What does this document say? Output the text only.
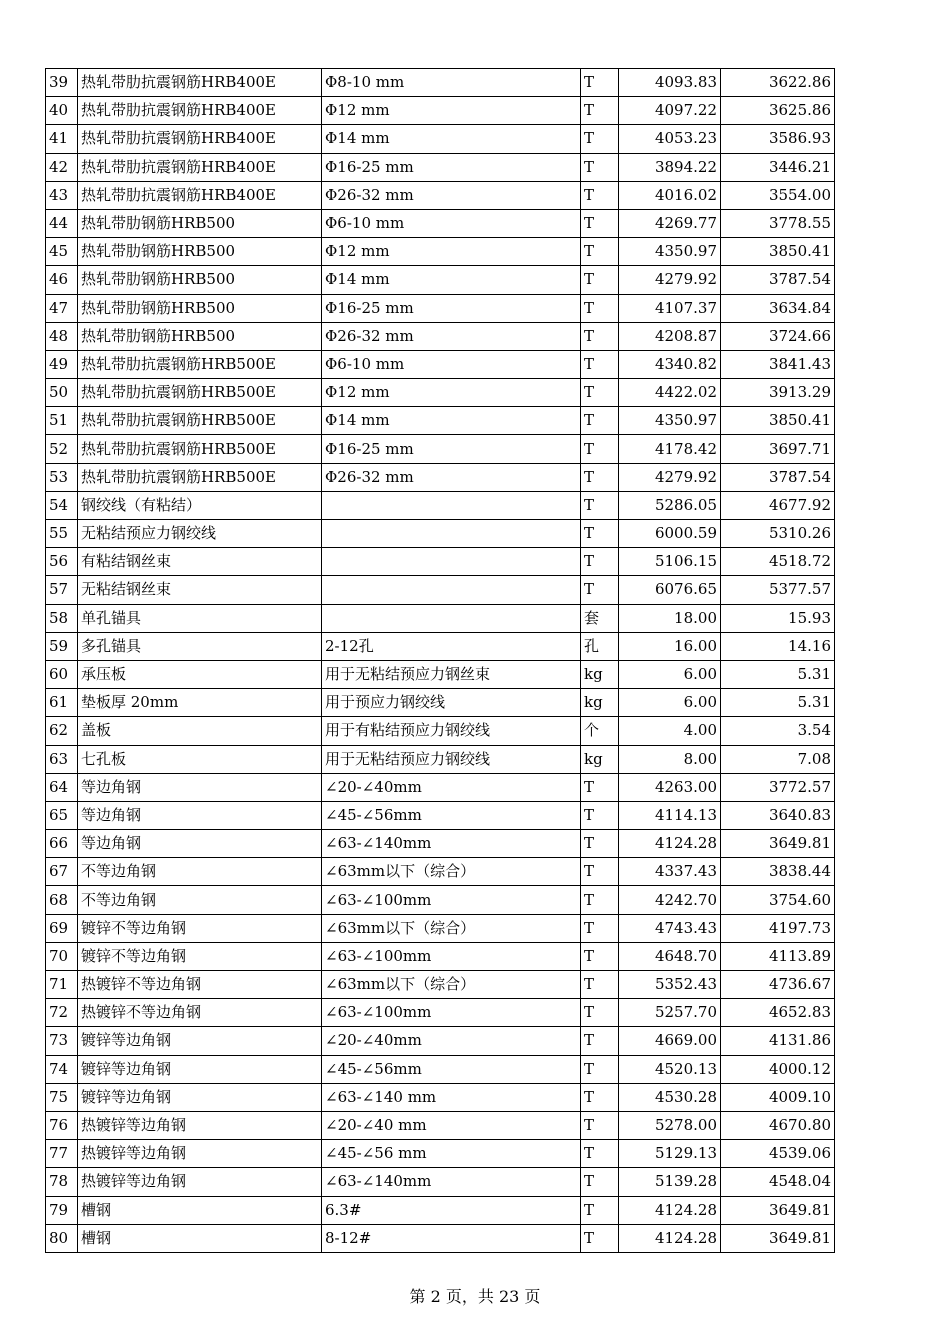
39	热轧带肋抗震钢筋HRB400E	Φ8-10 mm	T	4093.83	3622.86
40	热轧带肋抗震钢筋HRB400E	Φ12 mm	T	4097.22	3625.86
41	热轧带肋抗震钢筋HRB400E	Φ14 mm	T	4053.23	3586.93
42	热轧带肋抗震钢筋HRB400E	Φ16-25 mm	T	3894.22	3446.21
43	热轧带肋抗震钢筋HRB400E	Φ26-32 mm	T	4016.02	3554.00
44	热轧带肋钢筋HRB500	Φ6-10 mm	T	4269.77	3778.55
45	热轧带肋钢筋HRB500	Φ12 mm	T	4350.97	3850.41
46	热轧带肋钢筋HRB500	Φ14 mm	T	4279.92	3787.54
47	热轧带肋钢筋HRB500	Φ16-25 mm	T	4107.37	3634.84
48	热轧带肋钢筋HRB500	Φ26-32 mm	T	4208.87	3724.66
49	热轧带肋抗震钢筋HRB500E	Φ6-10 mm	T	4340.82	3841.43
50	热轧带肋抗震钢筋HRB500E	Φ12 mm	T	4422.02	3913.29
51	热轧带肋抗震钢筋HRB500E	Φ14 mm	T	4350.97	3850.41
52	热轧带肋抗震钢筋HRB500E	Φ16-25 mm	T	4178.42	3697.71
53	热轧带肋抗震钢筋HRB500E	Φ26-32 mm	T	4279.92	3787.54
54	钢绞线（有粘结）		T	5286.05	4677.92
55	无粘结预应力钢绞线		T	6000.59	5310.26
56	有粘结钢丝束		T	5106.15	4518.72
57	无粘结钢丝束		T	6076.65	5377.57
58	单孔锚具		套	18.00	15.93
59	多孔锚具	2-12孔	孔	16.00	14.16
60	承压板	用于无粘结预应力钢丝束	kg	6.00	5.31
61	垫板厚 20mm	用于预应力钢绞线	kg	6.00	5.31
62	盖板	用于有粘结预应力钢绞线	个	4.00	3.54
63	七孔板	用于无粘结预应力钢绞线	kg	8.00	7.08
64	等边角钢	∠20-∠40mm	T	4263.00	3772.57
65	等边角钢	∠45-∠56mm	T	4114.13	3640.83
66	等边角钢	∠63-∠140mm	T	4124.28	3649.81
67	不等边角钢	∠63mm以下（综合）	T	4337.43	3838.44
68	不等边角钢	∠63-∠100mm	T	4242.70	3754.60
69	镀锌不等边角钢	∠63mm以下（综合）	T	4743.43	4197.73
70	镀锌不等边角钢	∠63-∠100mm	T	4648.70	4113.89
71	热镀锌不等边角钢	∠63mm以下（综合）	T	5352.43	4736.67
72	热镀锌不等边角钢	∠63-∠100mm	T	5257.70	4652.83
73	镀锌等边角钢	∠20-∠40mm	T	4669.00	4131.86
74	镀锌等边角钢	∠45-∠56mm	T	4520.13	4000.12
75	镀锌等边角钢	∠63-∠140 mm	T	4530.28	4009.10
76	热镀锌等边角钢	∠20-∠40 mm	T	5278.00	4670.80
77	热镀锌等边角钢	∠45-∠56 mm	T	5129.13	4539.06
78	热镀锌等边角钢	∠63-∠140mm	T	5139.28	4548.04
79	槽钢	6.3#	T	4124.28	3649.81
80	槽钢	8-12#	T	4124.28	3649.81
第 2 页，共 23 页
